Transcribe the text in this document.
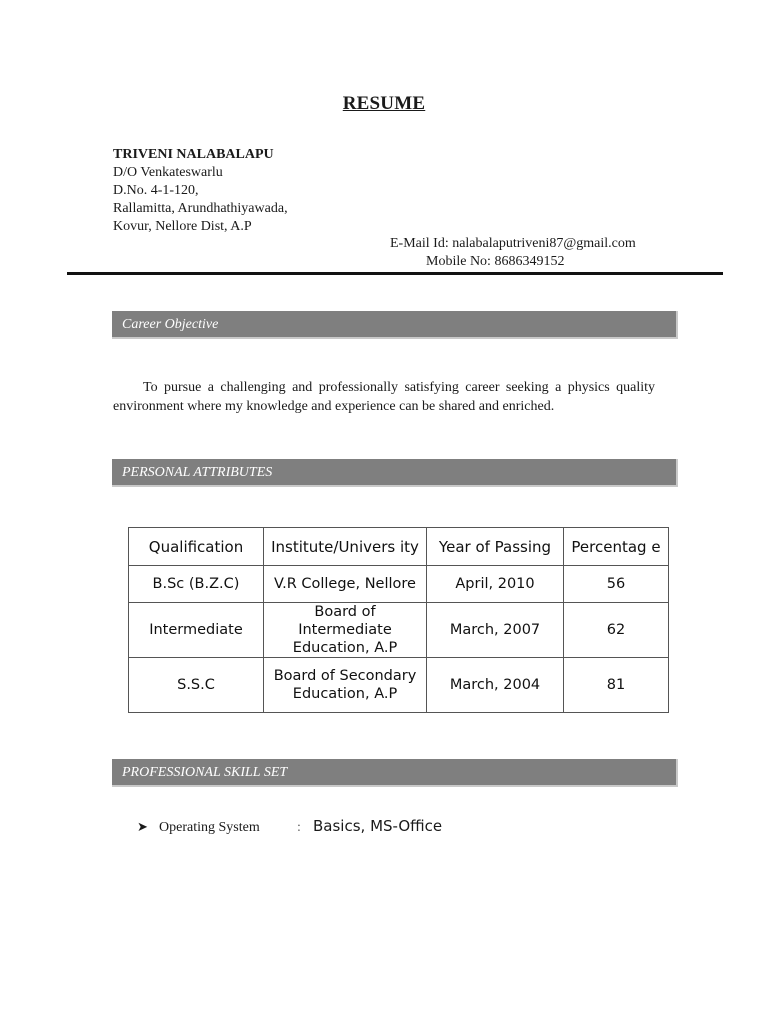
RESUME
TRIVENI NALABALAPU
D/O Venkateswarlu
D.No. 4-1-120,
Rallamitta, Arundhathiyawada,
Kovur, Nellore Dist, A.P
E-Mail Id: nalabalaputriveni87@gmail.com
Mobile No: 8686349152
Career Objective
To pursue a challenging and professionally satisfying career seeking a physics quality environment where my knowledge and experience can be shared and enriched.
PERSONAL ATTRIBUTES
Qualification	Institute/Univers ity	Year of Passing	Percentag e
B.Sc (B.Z.C)	V.R College, Nellore	April, 2010	56
Intermediate	Board of Intermediate Education, A.P	March, 2007	62
S.S.C	Board of Secondary Education, A.P	March, 2004	81
PROFESSIONAL SKILL SET
➤ Operating System	: Basics, MS-Office
